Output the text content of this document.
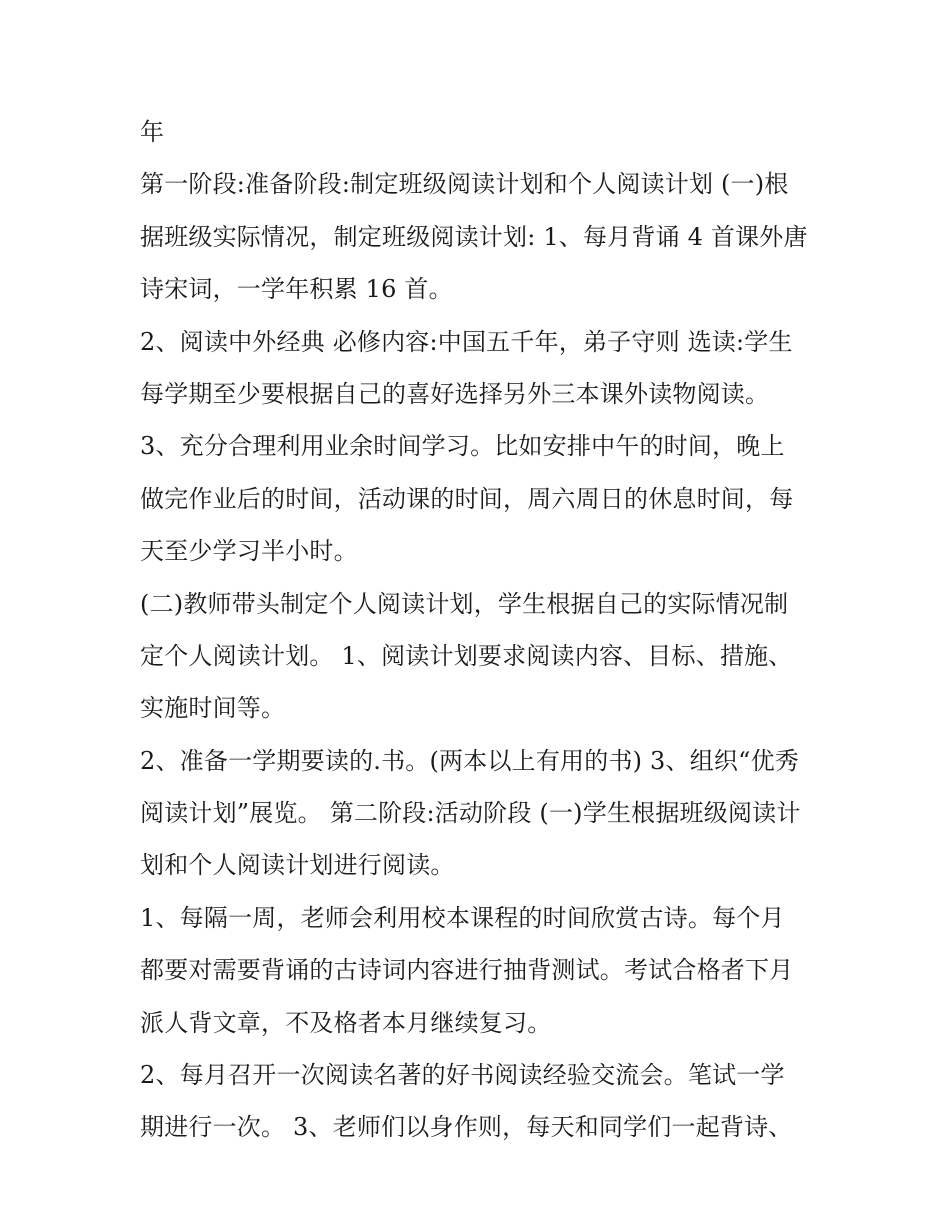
年
第一阶段:准备阶段:制定班级阅读计划和个人阅读计划 (一)根
据班级实际情况，制定班级阅读计划: 1、每月背诵 4 首课外唐
诗宋词，一学年积累 16 首。
2、阅读中外经典 必修内容:中国五千年，弟子守则 选读:学生
每学期至少要根据自己的喜好选择另外三本课外读物阅读。
3、充分合理利用业余时间学习。比如安排中午的时间，晚上
做完作业后的时间，活动课的时间，周六周日的休息时间，每
天至少学习半小时。
(二)教师带头制定个人阅读计划，学生根据自己的实际情况制
定个人阅读计划。 1、阅读计划要求阅读内容、目标、措施、
实施时间等。
2、准备一学期要读的.书。(两本以上有用的书) 3、组织“优秀
阅读计划”展览。 第二阶段:活动阶段 (一)学生根据班级阅读计
划和个人阅读计划进行阅读。
1、每隔一周，老师会利用校本课程的时间欣赏古诗。每个月
都要对需要背诵的古诗词内容进行抽背测试。考试合格者下月
派人背文章，不及格者本月继续复习。
2、每月召开一次阅读名著的好书阅读经验交流会。笔试一学
期进行一次。 3、老师们以身作则，每天和同学们一起背诗、
